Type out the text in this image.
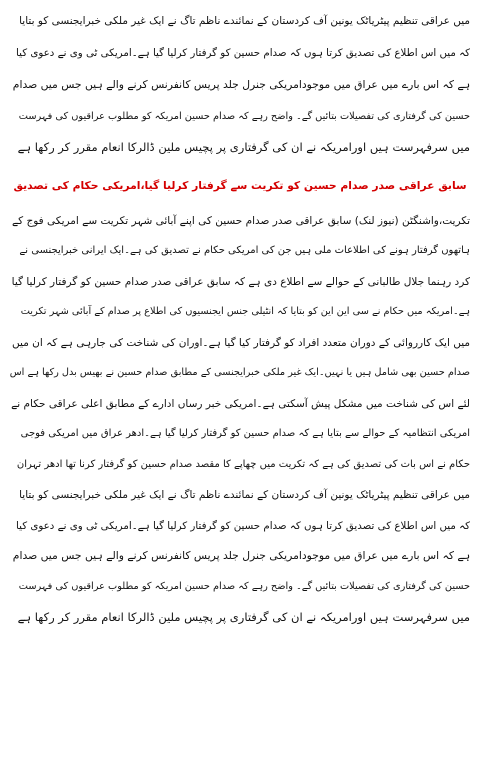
میں عراقی تنظیم پیٹریاٹک یونین آف کردستان کے نمائندے ناظم تاگ نے ایک غیر ملکی خبرایجنسی کو بتایا
کہ میں اس اطلاع کی تصدیق کرتا ہوں کہ صدام حسین کو گرفتار کرلیا گیا ہے۔امریکی ٹی وی نے دعوی کیا
ہے کہ اس بارے میں عراق میں موجودامریکی جنرل جلد پریس کانفرنس کرنے والے ہیں جس میں صدام
حسین کی گرفتاری کی تفصیلات بتائیں گے۔ واضح رہے کہ صدام حسین امریکہ کو مطلوب عراقیوں کی فہرست
میں سرفہرست ہیں اورامریکہ نے ان کی گرفتاری پر پچیس ملین ڈالرکا انعام مقرر کر رکھا ہے
سابق عراقی صدر صدام حسین کو تکریت سے گرفتار کرلیا گیا،امریکی حکام کی تصدیق
تکریت،واشنگٹن (نیوز لنک) سابق عراقی صدر صدام حسین کی اپنے آبائی شہر تکریت سے امریکی فوج کے
ہاتھوں گرفتار ہونے کی اطلاعات ملی ہیں جن کی امریکی حکام نے تصدیق کی ہے۔ایک ایرانی خبرایجنسی نے
کرد رہنما جلال طالبانی کے حوالے سے اطلاع دی ہے کہ سابق عراقی صدر صدام حسین کو گرفتار کرلیا گیا
ہے۔امریکہ میں حکام نے سی این این کو بتایا کہ انٹیلی جنس ایجنسیوں کی اطلاع پر صدام کے آبائی شہر تکریت
میں ایک کارروائی کے دوران متعدد افراد کو گرفتار کیا گیا ہے۔اوران کی شناخت کی جارہی ہے کہ ان میں
صدام حسین بھی شامل ہیں یا نہیں۔ایک غیر ملکی خبرایجنسی کے مطابق صدام حسین نے بھیس بدل رکھا ہے اس
لئے اس کی شناخت میں مشکل پیش آسکتی ہے۔امریکی خبر رساں ادارے کے مطابق اعلی عراقی حکام نے
امریکی انتظامیہ کے حوالے سے بتایا ہے کہ صدام حسین کو گرفتار کرلیا گیا ہے۔ادھر عراق میں امریکی فوجی
حکام نے اس بات کی تصدیق کی ہے کہ تکریت میں چھاپے کا مقصد صدام حسین کو گرفتار کرنا تھا ادھر تہران
میں عراقی تنظیم پیٹریاٹک یونین آف کردستان کے نمائندے ناظم تاگ نے ایک غیر ملکی خبرایجنسی کو بتایا
کہ میں اس اطلاع کی تصدیق کرتا ہوں کہ صدام حسین کو گرفتار کرلیا گیا ہے۔امریکی ٹی وی نے دعوی کیا
ہے کہ اس بارے میں عراق میں موجودامریکی جنرل جلد پریس کانفرنس کرنے والے ہیں جس میں صدام
حسین کی گرفتاری کی تفصیلات بتائیں گے۔ واضح رہے کہ صدام حسین امریکہ کو مطلوب عراقیوں کی فہرست
میں سرفہرست ہیں اورامریکہ نے ان کی گرفتاری پر پچیس ملین ڈالرکا انعام مقرر کر رکھا ہے
